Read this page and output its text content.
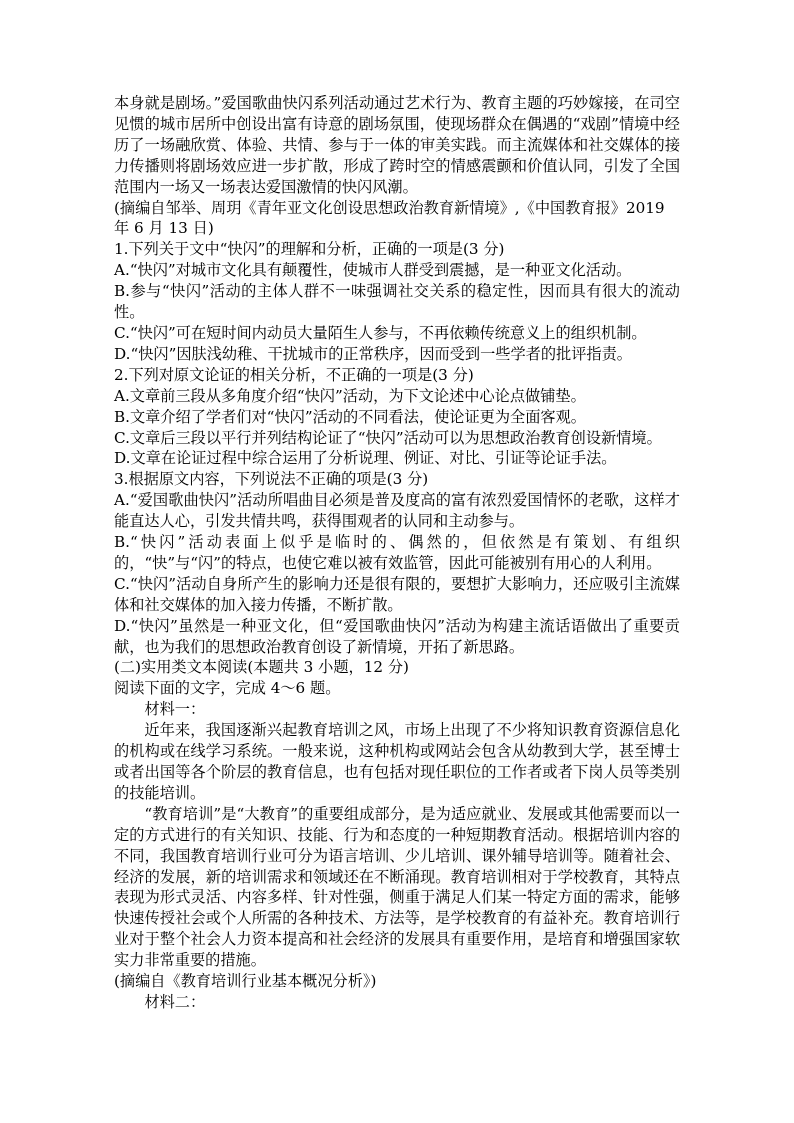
本身就是剧场。”爱国歌曲快闪系列活动通过艺术行为、教育主题的巧妙嫁接，在司空见惯的城市居所中创设出富有诗意的剧场氛围，使现场群众在偶遇的“戏剧”情境中经历了一场融欣赏、体验、共情、参与于一体的审美实践。而主流媒体和社交媒体的接力传播则将剧场效应进一步扩散，形成了跨时空的情感震颤和价值认同，引发了全国范围内一场又一场表达爱国激情的快闪风潮。

(摘编自邹举、周玥《青年亚文化创设思想政治教育新情境》,《中国教育报》2019

年 6 月 13 日)

1.下列关于文中“快闪”的理解和分析，正确的一项是(3 分)

A.“快闪”对城市文化具有颠覆性，使城市人群受到震撼，是一种亚文化活动。

B.参与“快闪”活动的主体人群不一味强调社交关系的稳定性，因而具有很大的流动性。

C.“快闪”可在短时间内动员大量陌生人参与，不再依赖传统意义上的组织机制。

D.“快闪”因肤浅幼稚、干扰城市的正常秩序，因而受到一些学者的批评指责。

2.下列对原文论证的相关分析，不正确的一项是(3 分)

A.文章前三段从多角度介绍“快闪”活动，为下文论述中心论点做铺垫。

B.文章介绍了学者们对“快闪”活动的不同看法，使论证更为全面客观。

C.文章后三段以平行并列结构论证了“快闪”活动可以为思想政治教育创设新情境。

D.文章在论证过程中综合运用了分析说理、例证、对比、引证等论证手法。

3.根据原文内容，下列说法不正确的项是(3 分)

A.“爱国歌曲快闪”活动所唱曲目必须是普及度高的富有浓烈爱国情怀的老歌，这样才能直达人心，引发共情共鸣，获得围观者的认同和主动参与。

B.“快闪”活动表面上似乎是临时的、偶然的，但依然是有策划、有组织的，“快”与“闪”的特点，也使它难以被有效监管，因此可能被别有用心的人利用。

C.“快闪”活动自身所产生的影响力还是很有限的，要想扩大影响力，还应吸引主流媒体和社交媒体的加入接力传播，不断扩散。

D.“快闪”虽然是一种亚文化，但“爱国歌曲快闪”活动为构建主流话语做出了重要贡献，也为我们的思想政治教育创设了新情境，开拓了新思路。

(二)实用类文本阅读(本题共 3 小题，12 分)

阅读下面的文字，完成 4～6 题。

材料一：

近年来，我国逐渐兴起教育培训之风，市场上出现了不少将知识教育资源信息化的机构或在线学习系统。一般来说，这种机构或网站会包含从幼教到大学，甚至博士或者出国等各个阶层的教育信息，也有包括对现任职位的工作者或者下岗人员等类别的技能培训。

“教育培训”是“大教育”的重要组成部分，是为适应就业、发展或其他需要而以一定的方式进行的有关知识、技能、行为和态度的一种短期教育活动。根据培训内容的不同，我国教育培训行业可分为语言培训、少儿培训、课外辅导培训等。随着社会、经济的发展，新的培训需求和领域还在不断涌现。教育培训相对于学校教育，其特点表现为形式灵活、内容多样、针对性强，侧重于满足人们某一特定方面的需求，能够快速传授社会或个人所需的各种技术、方法等，是学校教育的有益补充。教育培训行业对于整个社会人力资本提高和社会经济的发展具有重要作用，是培育和增强国家软实力非常重要的措施。

(摘编自《教育培训行业基本概况分析》)

材料二：
